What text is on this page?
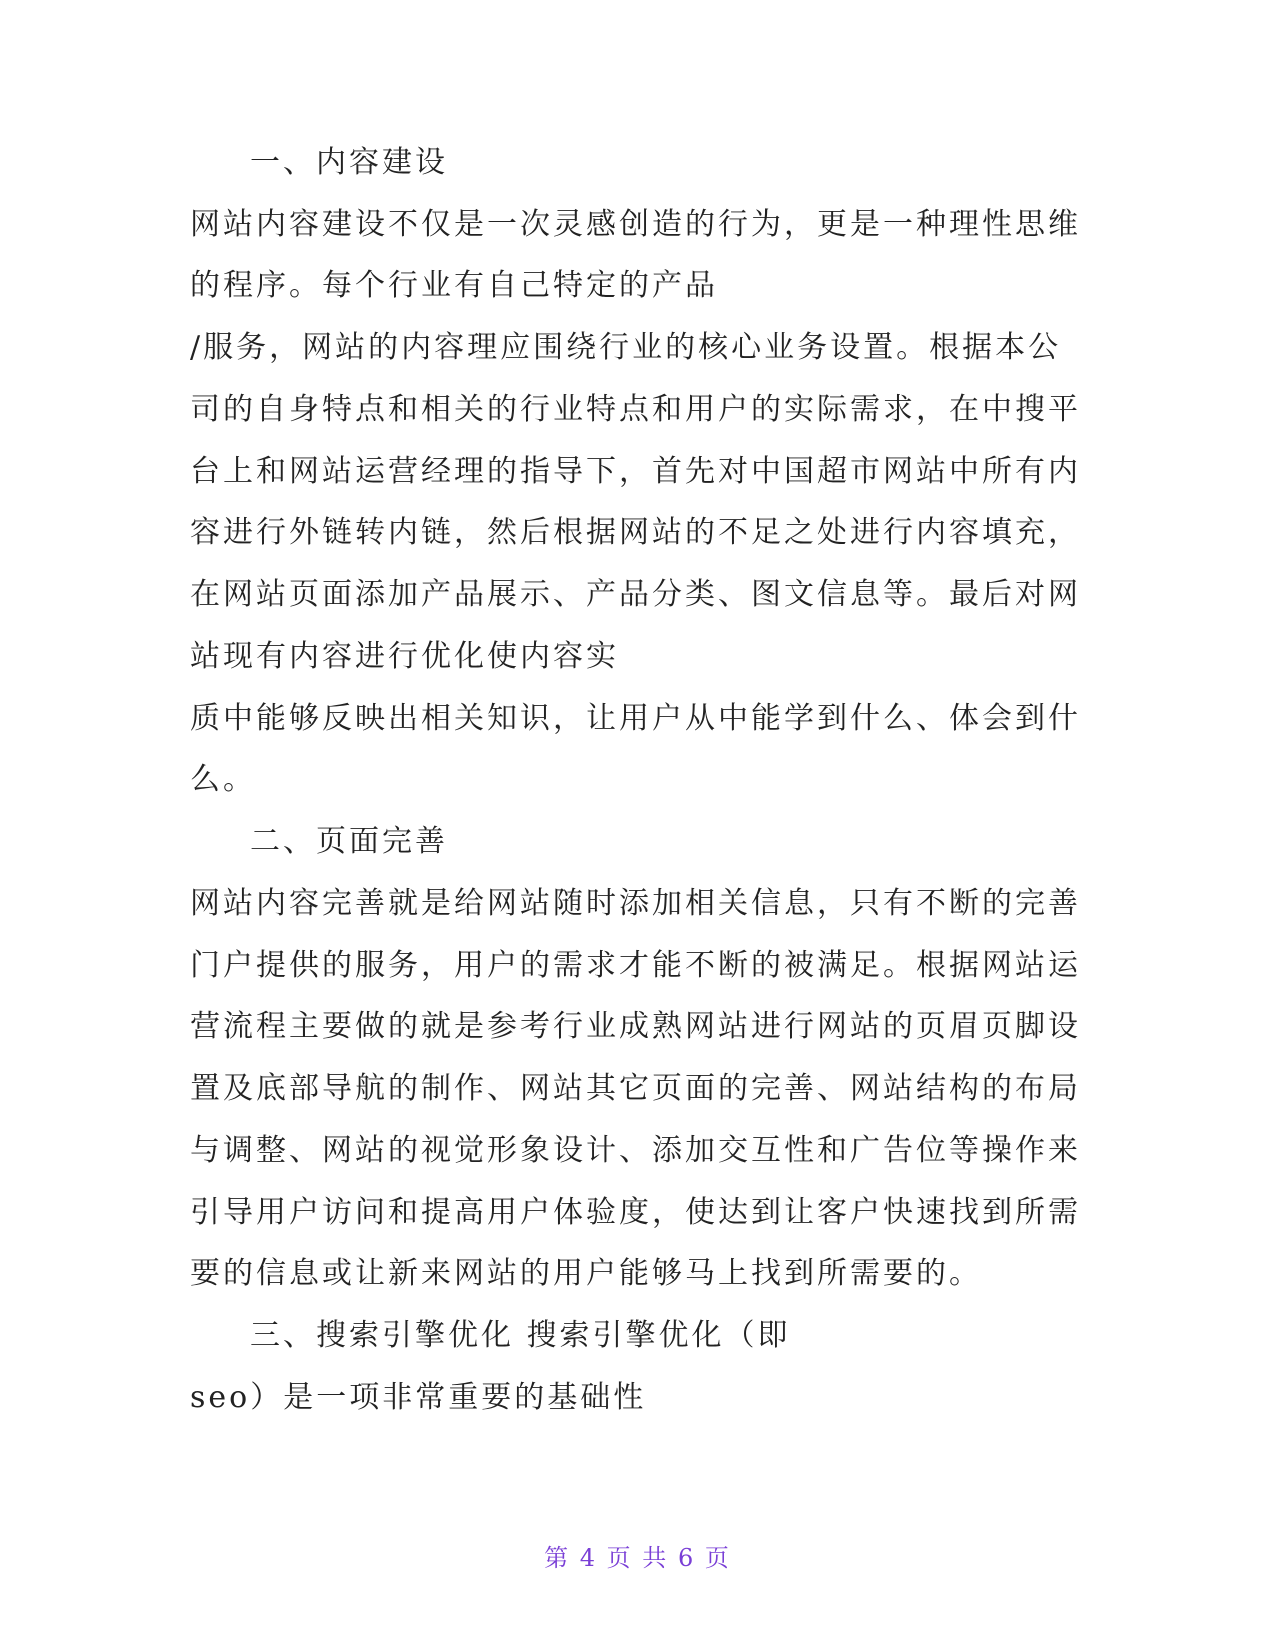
一、内容建设
网站内容建设不仅是一次灵感创造的行为，更是一种理性思维
的程序。每个行业有自己特定的产品
/服务，网站的内容理应围绕行业的核心业务设置。根据本公
司的自身特点和相关的行业特点和用户的实际需求，在中搜平
台上和网站运营经理的指导下，首先对中国超市网站中所有内
容进行外链转内链，然后根据网站的不足之处进行内容填充，
在网站页面添加产品展示、产品分类、图文信息等。最后对网
站现有内容进行优化使内容实
质中能够反映出相关知识，让用户从中能学到什么、体会到什
么。
二、页面完善
网站内容完善就是给网站随时添加相关信息，只有不断的完善
门户提供的服务，用户的需求才能不断的被满足。根据网站运
营流程主要做的就是参考行业成熟网站进行网站的页眉页脚设
置及底部导航的制作、网站其它页面的完善、网站结构的布局
与调整、网站的视觉形象设计、添加交互性和广告位等操作来
引导用户访问和提高用户体验度，使达到让客户快速找到所需
要的信息或让新来网站的用户能够马上找到所需要的。
三、搜索引擎优化 搜索引擎优化（即
seo）是一项非常重要的基础性
第 4 页 共 6 页
